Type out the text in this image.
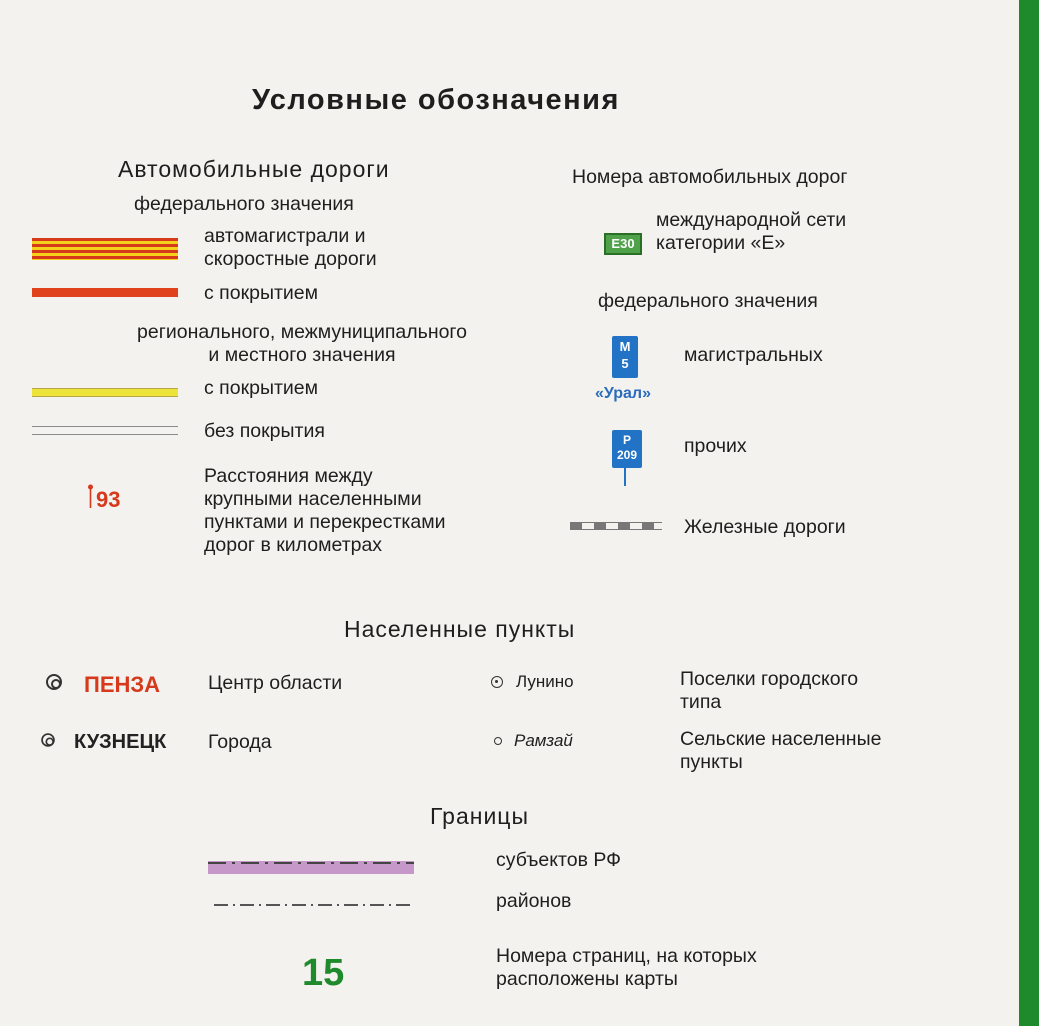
Условные обозначения
Автомобильные дороги
федерального значения
автомагистрали и
скоростные дороги
с покрытием
регионального, межмуниципального
и местного значения
с покрытием
без покрытия
93
Расстояния между
крупными населенными
пунктами и перекрестками
дорог в километрах
Номера автомобильных дорог
E30
международной сети
категории «E»
федерального значения
М
5
«Урал»
магистральных
Р
209 прочих
Железные дороги
Населенные пункты
ПЕНЗА Центр области	Лунино	Поселки городского
типа
КУЗНЕЦК Города	Рамзай	Сельские населенные
пункты
Границы
субъектов РФ
районов
15	Номера страниц, на которых
расположены карты
